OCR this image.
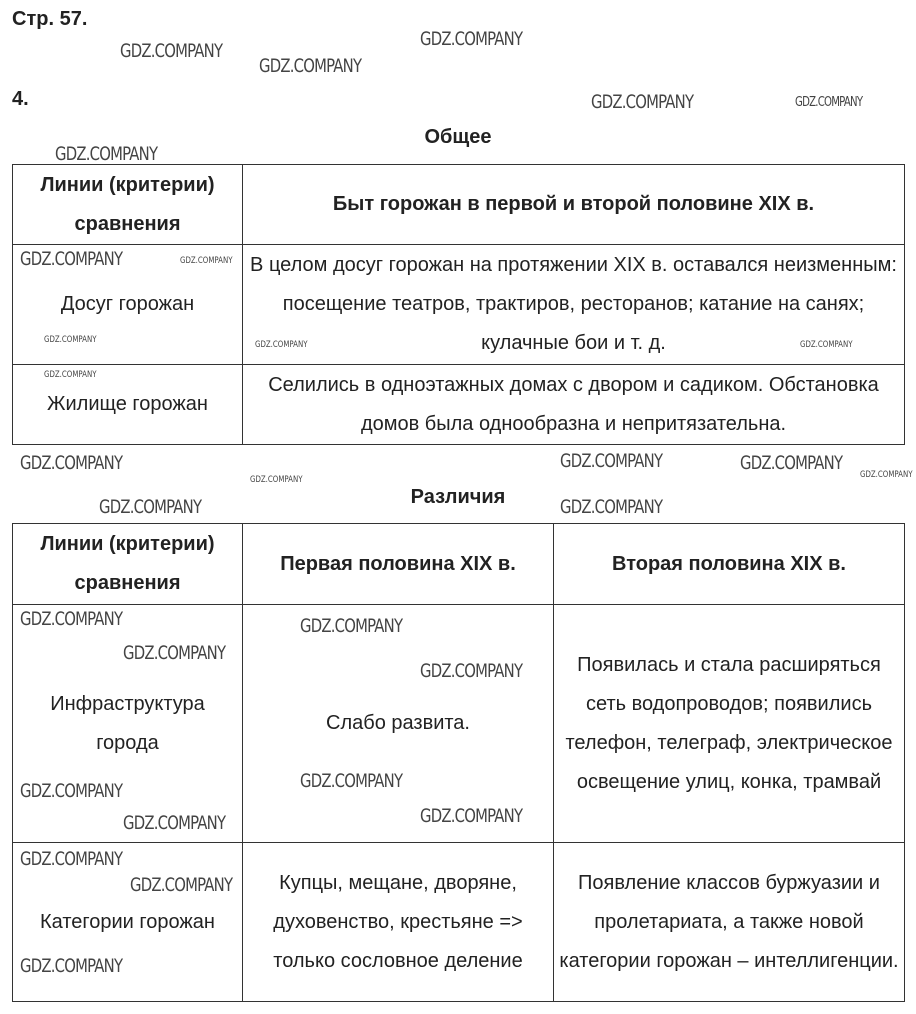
Стр. 57.
4.
Общее
Линии (критерии) сравнения	Быт горожан в первой и второй половине XIX в.
Досуг горожан	В целом досуг горожан на протяжении XIX в. оставался неизменным: посещение театров, трактиров, ресторанов; катание на санях; кулачные бои и т. д.
Жилище горожан	Селились в одноэтажных домах с двором и садиком. Обстановка домов была однообразна и непритязательна.
Различия
Линии (критерии) сравнения	Первая половина XIX в.	Вторая половина XIX в.
Инфраструктура города	Слабо развита.	Появилась и стала расширяться сеть водопроводов; появились телефон, телеграф, электрическое освещение улиц, конка, трамвай
Категории горожан	Купцы, мещане, дворяне, духовенство, крестьяне => только сословное деление	Появление классов буржуазии и пролетариата, а также новой категории горожан – интеллигенции.
GDZ.COMPANY
GDZ.COMPANY	GDZ.COMPANY
GDZ.COMPANY
GDZ.COMPANY
GDZ.COMPANY
GDZ.COMPANY	GDZ.COMPANY
GDZ.COMPANY
GDZ.COMPANY
GDZ.COMPANY	GDZ.COMPANY
GDZ.COMPANY
GDZ.COMPANY
GDZ.COMPANY
GDZ.COMPANY
GDZ.COMPANY
GDZ.COMPANY	GDZ.COMPANY
GDZ.COMPANY
GDZ.COMPANY
GDZ.COMPANY
GDZ.COMPANY
GDZ.COMPANY
GDZ.COMPANY
GDZ.COMPANY
GDZ.COMPANY
GDZ.COMPANY
GDZ.COMPANY
GDZ.COMPANY
